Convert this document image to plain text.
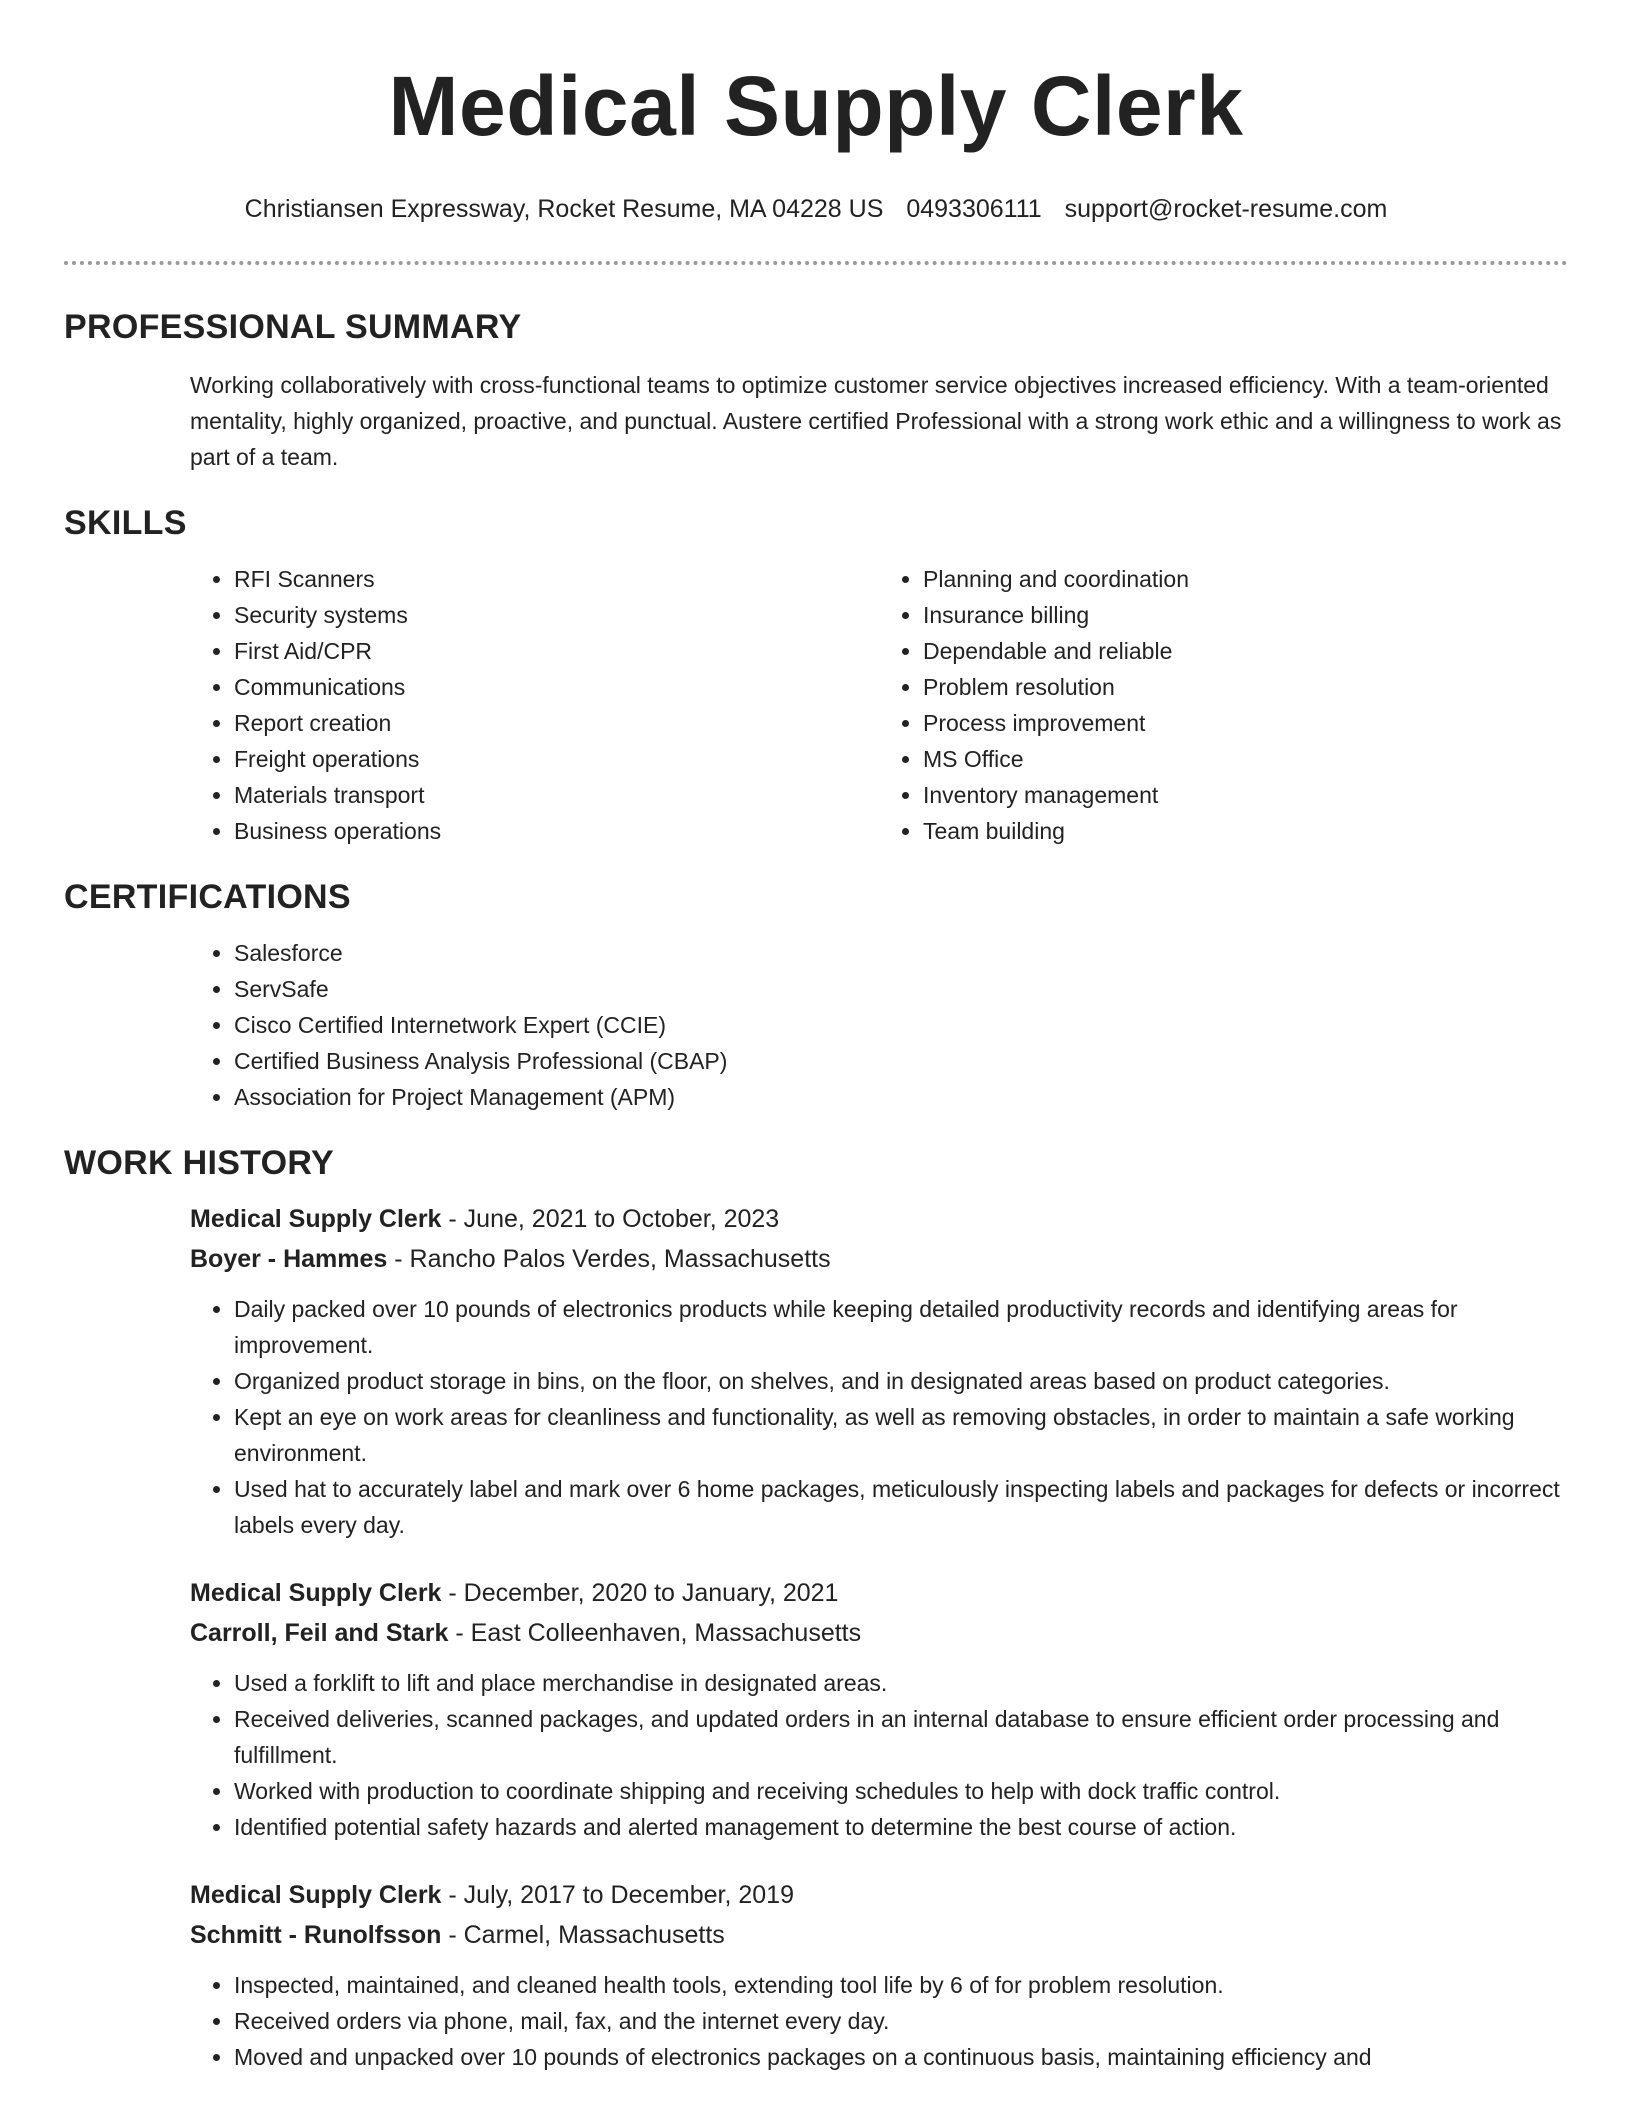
Medical Supply Clerk
Christiansen Expressway, Rocket Resume, MA 04228 US 0493306111 support@rocket-resume.com
PROFESSIONAL SUMMARY

Working collaboratively with cross-functional teams to optimize customer service objectives increased efficiency. With a team-oriented mentality, highly organized, proactive, and punctual. Austere certified Professional with a strong work ethic and a willingness to work as part of a team.

SKILLS
• RFI Scanners
• Security systems
• First Aid/CPR
• Communications
• Report creation
• Freight operations
• Materials transport
• Business operations
• Planning and coordination
• Insurance billing
• Dependable and reliable
• Problem resolution
• Process improvement
• MS Office
• Inventory management
• Team building
CERTIFICATIONS
• Salesforce
• ServSafe
• Cisco Certified Internetwork Expert (CCIE)
• Certified Business Analysis Professional (CBAP)
• Association for Project Management (APM)
WORK HISTORY
Medical Supply Clerk - June, 2021 to October, 2023
Boyer - Hammes - Rancho Palos Verdes, Massachusetts
• Daily packed over 10 pounds of electronics products while keeping detailed productivity records and identifying areas for improvement.
• Organized product storage in bins, on the floor, on shelves, and in designated areas based on product categories.
• Kept an eye on work areas for cleanliness and functionality, as well as removing obstacles, in order to maintain a safe working environment.
• Used hat to accurately label and mark over 6 home packages, meticulously inspecting labels and packages for defects or incorrect labels every day.
Medical Supply Clerk - December, 2020 to January, 2021
Carroll, Feil and Stark - East Colleenhaven, Massachusetts
• Used a forklift to lift and place merchandise in designated areas.
• Received deliveries, scanned packages, and updated orders in an internal database to ensure efficient order processing and fulfillment.
• Worked with production to coordinate shipping and receiving schedules to help with dock traffic control.
• Identified potential safety hazards and alerted management to determine the best course of action.
Medical Supply Clerk - July, 2017 to December, 2019
Schmitt - Runolfsson - Carmel, Massachusetts
• Inspected, maintained, and cleaned health tools, extending tool life by 6 of for problem resolution.
• Received orders via phone, mail, fax, and the internet every day.
• Moved and unpacked over 10 pounds of electronics packages on a continuous basis, maintaining efficiency and
